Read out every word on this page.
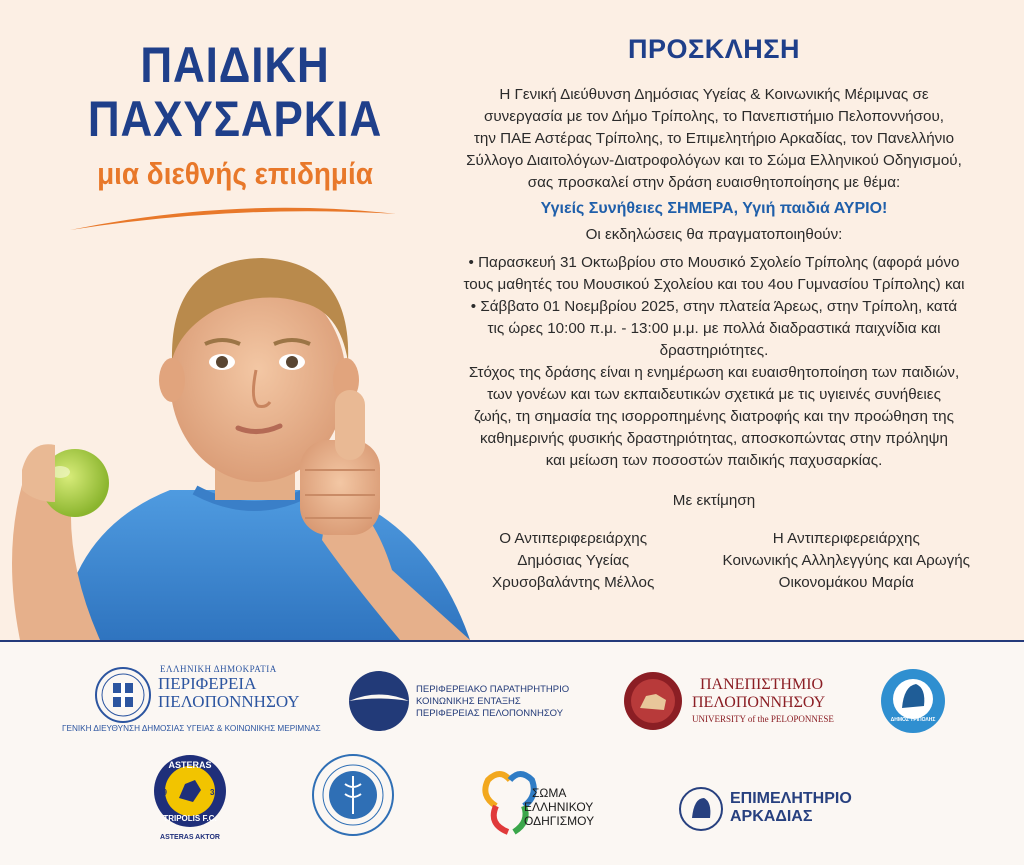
ΠΑΙΔΙΚΗ
ΠΑΧΥΣΑΡΚΙΑ
μια διεθνής επιδημία
ΠΡΟΣΚΛΗΣΗ

Η Γενική Διεύθυνση Δημόσιας Υγείας & Κοινωνικής Μέριμνας σε

συνεργασία με τον Δήμο Τρίπολης, το Πανεπιστήμιο Πελοποννήσου,

την ΠΑΕ Αστέρας Τρίπολης, το Επιμελητήριο Αρκαδίας, τον Πανελλήνιο

Σύλλογο Διαιτολόγων-Διατροφολόγων και το Σώμα Ελληνικού Οδηγισμού,

σας προσκαλεί στην δράση ευαισθητοποίησης με θέμα:

Υγιείς Συνήθειες ΣΗΜΕΡΑ, Υγιή παιδιά ΑΥΡΙΟ!

Οι εκδηλώσεις θα πραγματοποιηθούν:

• Παρασκευή 31 Οκτωβρίου στο Μουσικό Σχολείο Τρίπολης (αφορά μόνο

τους μαθητές του Μουσικού Σχολείου και του 4ου Γυμνασίου Τρίπολης) και

• Σάββατο 01 Νοεμβρίου 2025, στην πλατεία Άρεως, στην Τρίπολη, κατά

τις ώρες 10:00 π.μ. - 13:00 μ.μ. με πολλά διαδραστικά παιχνίδια και

δραστηριότητες.

Στόχος της δράσης είναι η ενημέρωση και ευαισθητοποίηση των παιδιών,

των γονέων και των εκπαιδευτικών σχετικά με τις υγιεινές συνήθειες

ζωής, τη σημασία της ισορροπημένης διατροφής και την προώθηση της

καθημερινής φυσικής δραστηριότητας, αποσκοπώντας στην πρόληψη

και μείωση των ποσοστών παιδικής παχυσαρκίας.

Με εκτίμηση
Ο Αντιπεριφερειάρχης
Δημόσιας Υγείας
Χρυσοβαλάντης Μέλλος
Η Αντιπεριφερειάρχης
Κοινωνικής Αλληλεγγύης και Αρωγής
Οικονομάκου Μαρία
ΕΛΛΗΝΙΚΗ ΔΗΜΟΚΡΑΤΙΑ
ΠΕΡΙΦΕΡΕΙΑ
ΠΕΛΟΠΟΝΝΗΣΟΥ
ΓΕΝΙΚΗ ΔΙΕΥΘΥΝΣΗ ΔΗΜΟΣΙΑΣ ΥΓΕΙΑΣ & ΚΟΙΝΩΝΙΚΗΣ ΜΕΡΙΜΝΑΣ
ΠΕΡΙΦΕΡΕΙΑΚΟ ΠΑΡΑΤΗΡΗΤΗΡΙΟ
ΚΟΙΝΩΝΙΚΗΣ ΕΝΤΑΞΗΣ
ΠΕΡΙΦΕΡΕΙΑΣ ΠΕΛΟΠΟΝΝΗΣΟΥ
ΠΑΝΕΠΙΣΤΗΜΙΟ
ΠΕΛΟΠΟΝΝΗΣΟΥ
UNIVERSITY of the PELOPONNESE	ΔΗΜΟΣ ΤΡΙΠΟΛΗΣ
ASTERAS
19	31
TRIPOLIS F.C.
ASTERAS AKTOR
ΣΩΜΑ
ΕΛΛΗΝΙΚΟΥ
ΟΔΗΓΙΣΜΟΥ
ΕΠΙΜΕΛΗΤΗΡΙΟ
ΑΡΚΑΔΙΑΣ
